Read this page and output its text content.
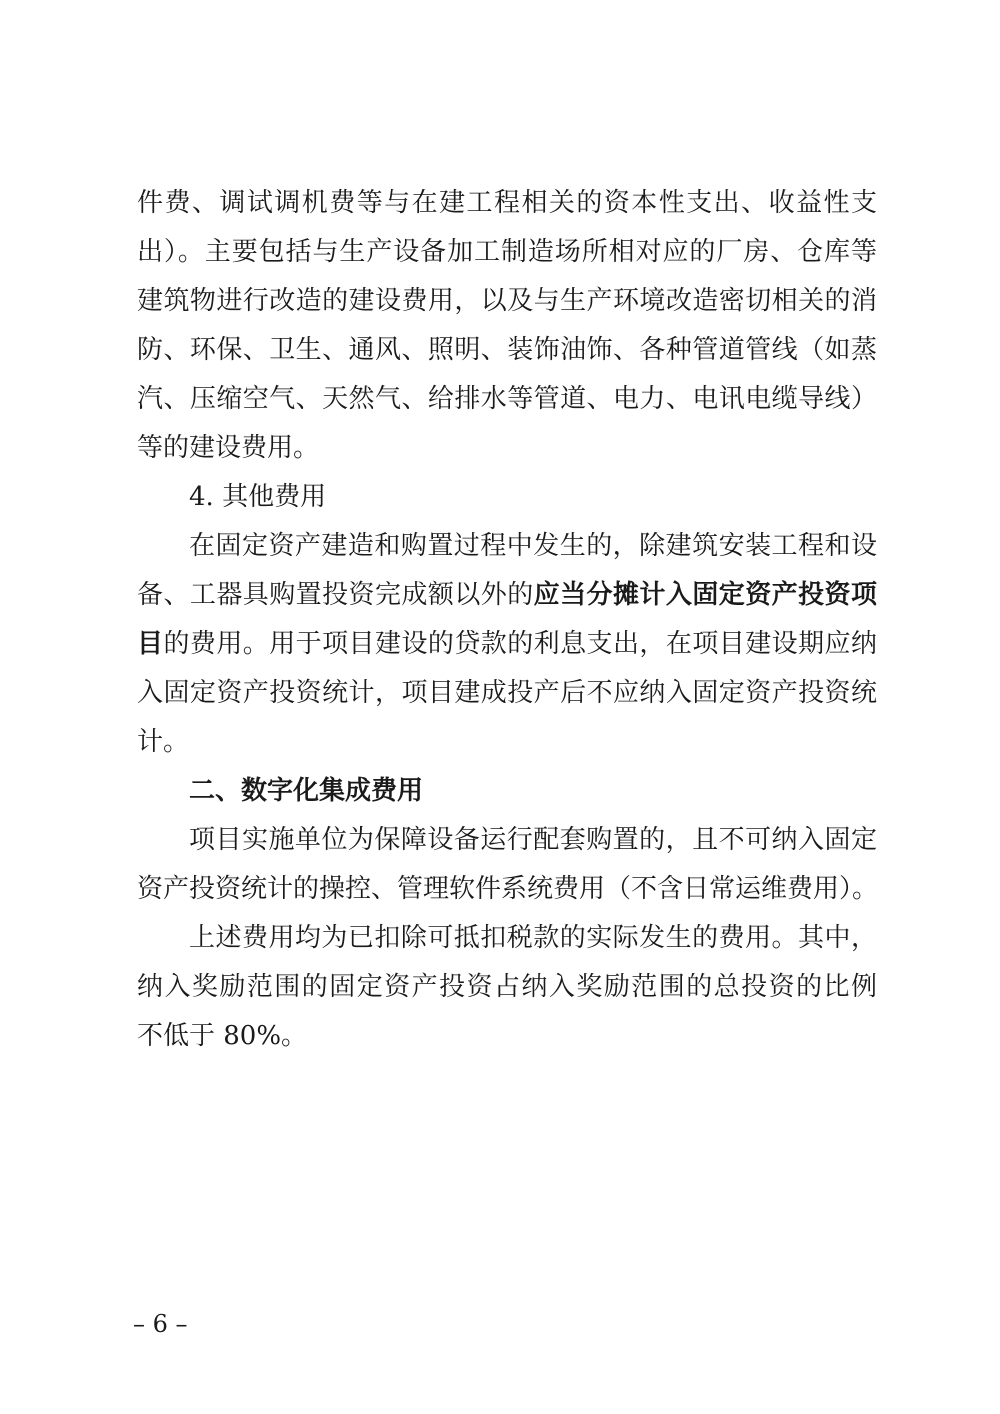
件费、调试调机费等与在建工程相关的资本性支出、收益性支
出）。主要包括与生产设备加工制造场所相对应的厂房、仓库等
建筑物进行改造的建设费用，以及与生产环境改造密切相关的消
防、环保、卫生、通风、照明、装饰油饰、各种管道管线（如蒸
汽、压缩空气、天然气、给排水等管道、电力、电讯电缆导线）
等的建设费用。
4. 其他费用
在固定资产建造和购置过程中发生的，除建筑安装工程和设
备、工器具购置投资完成额以外的应当分摊计入固定资产投资项
目的费用。用于项目建设的贷款的利息支出，在项目建设期应纳
入固定资产投资统计，项目建成投产后不应纳入固定资产投资统
计。
二、数字化集成费用
项目实施单位为保障设备运行配套购置的，且不可纳入固定
资产投资统计的操控、管理软件系统费用（不含日常运维费用）。
上述费用均为已扣除可抵扣税款的实际发生的费用。其中，
纳入奖励范围的固定资产投资占纳入奖励范围的总投资的比例
不低于 80%。
– 6 –
